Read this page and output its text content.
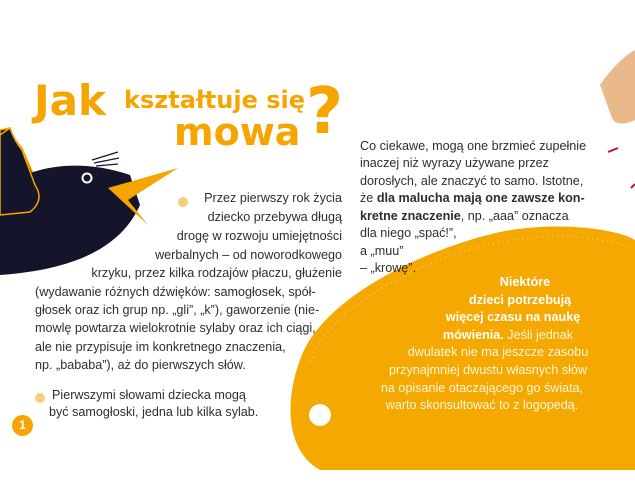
Jak kształtuje się
mowa ?
Przez pierwszy rok życia
dziecko przebywa długą
drogę w rozwoju umiejętności
werbalnych – od noworodkowego
krzyku, przez kilka rodzajów płaczu, głużenie
(wydawanie różnych dźwięków: samogłosek, spół-
głosek oraz ich grup np. „gli”, „k”), gaworzenie (nie-
mowlę powtarza wielokrotnie sylaby oraz ich ciągi,
ale nie przypisuje im konkretnego znaczenia,
np. „bababa”), aż do pierwszych słów.
Pierwszymi słowami dziecka mogą
być samogłoski, jedna lub kilka sylab.
1
Co ciekawe, mogą one brzmieć zupełnie
inaczej niż wyrazy używane przez
dorosłych, ale znaczyć to samo. Istotne,
że dla malucha mają one zawsze kon-
kretne znaczenie, np. „aaa” oznacza
dla niego „spać!”,
a „muu”
– „krowę”.
Niektóre
dzieci potrzebują
więcej czasu na naukę
mówienia. Jeśli jednak
dwulatek nie ma jeszcze zasobu
przynajmniej dwustu własnych słów
na opisanie otaczającego go świata,
warto skonsultować to z logopedą.
